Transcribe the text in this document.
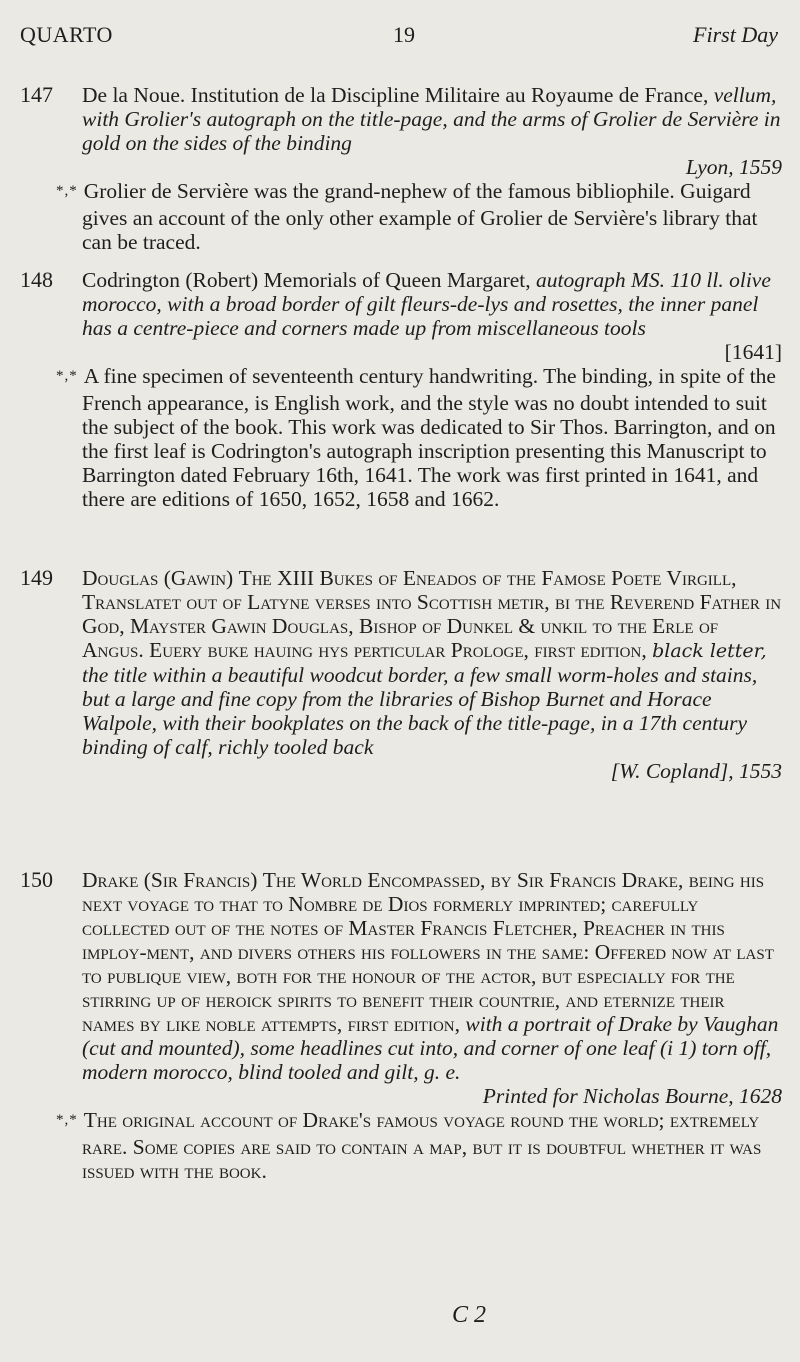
QUARTO	19	First Day
147 De la Noue. Institution de la Discipline Militaire au Royaume de France, vellum, with Grolier's autograph on the title-page, and the arms of Grolier de Servière in gold on the sides of the binding
Lyon, 1559

*,* Grolier de Servière was the grand-nephew of the famous bibliophile. Guigard gives an account of the only other example of Grolier de Servière's library that can be traced.

148 Codrington (Robert) Memorials of Queen Margaret, autograph MS. 110 ll. olive morocco, with a broad border of gilt fleurs-de-lys and rosettes, the inner panel has a centre-piece and corners made up from miscellaneous tools
[1641]

*,* A fine specimen of seventeenth century handwriting. The binding, in spite of the French appearance, is English work, and the style was no doubt intended to suit the subject of the book. This work was dedicated to Sir Thos. Barrington, and on the first leaf is Codrington's autograph inscription presenting this Manuscript to Barrington dated February 16th, 1641. The work was first printed in 1641, and there are editions of 1650, 1652, 1658 and 1662.

149 Douglas (Gawin) The XIII Bukes of Eneados of the Famose Poete Virgill, Translatet out of Latyne verses into Scottish metir, bi the Reverend Father in God, Mayster Gawin Douglas, Bishop of Dunkel & unkil to the Erle of Angus. Euery buke hauing hys perticular Prologe, first edition, black letter, the title within a beautiful woodcut border, a few small worm-holes and stains, but a large and fine copy from the libraries of Bishop Burnet and Horace Walpole, with their bookplates on the back of the title-page, in a 17th century binding of calf, richly tooled back
[W. Copland], 1553

150 Drake (Sir Francis) The World Encompassed, by Sir Francis Drake, being his next voyage to that to Nombre de Dios formerly imprinted; carefully collected out of the notes of Master Francis Fletcher, Preacher in this imploy-ment, and divers others his followers in the same: Offered now at last to publique view, both for the honour of the actor, but especially for the stirring up of heroick spirits to benefit their countrie, and eternize their names by like noble attempts, first edition, with a portrait of Drake by Vaughan (cut and mounted), some headlines cut into, and corner of one leaf (i 1) torn off, modern morocco, blind tooled and gilt, g. e.
Printed for Nicholas Bourne, 1628

*,* The original account of Drake's famous voyage round the world; extremely rare. Some copies are said to contain a map, but it is doubtful whether it was issued with the book.

C 2
